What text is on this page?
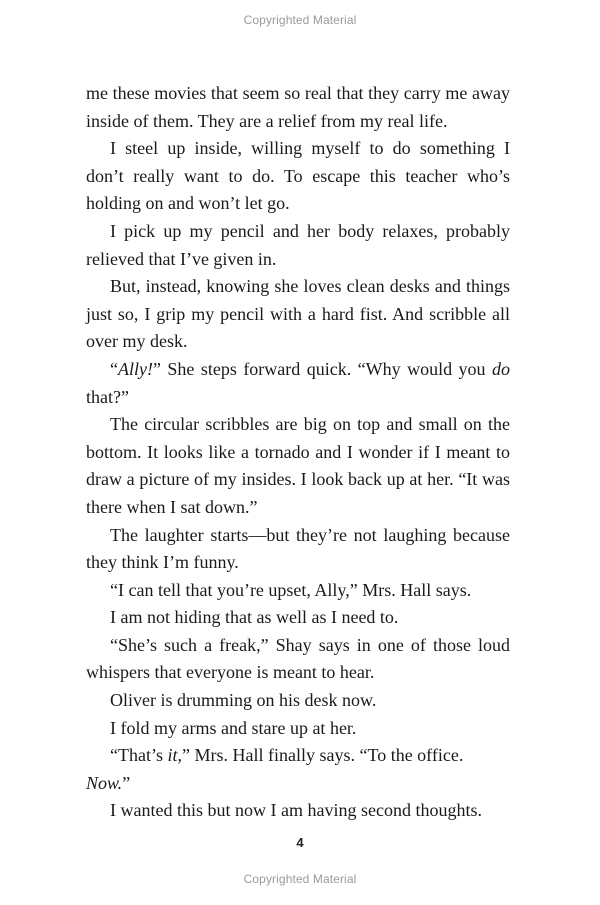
Copyrighted Material

me these movies that seem so real that they carry me away inside of them. They are a relief from my real life.

I steel up inside, willing myself to do something I don’t really want to do. To escape this teacher who’s holding on and won’t let go.

I pick up my pencil and her body relaxes, probably relieved that I’ve given in.

But, instead, knowing she loves clean desks and things just so, I grip my pencil with a hard fist. And scribble all over my desk.

“Ally!” She steps forward quick. “Why would you do that?”

The circular scribbles are big on top and small on the bottom. It looks like a tornado and I wonder if I meant to draw a picture of my insides. I look back up at her. “It was there when I sat down.”

The laughter starts—but they’re not laughing because they think I’m funny.

“I can tell that you’re upset, Ally,” Mrs. Hall says.

I am not hiding that as well as I need to.

“She’s such a freak,” Shay says in one of those loud whispers that everyone is meant to hear.

Oliver is drumming on his desk now.

I fold my arms and stare up at her.

“That’s it,” Mrs. Hall finally says. “To the office. Now.”

I wanted this but now I am having second thoughts.

4
Copyrighted Material
